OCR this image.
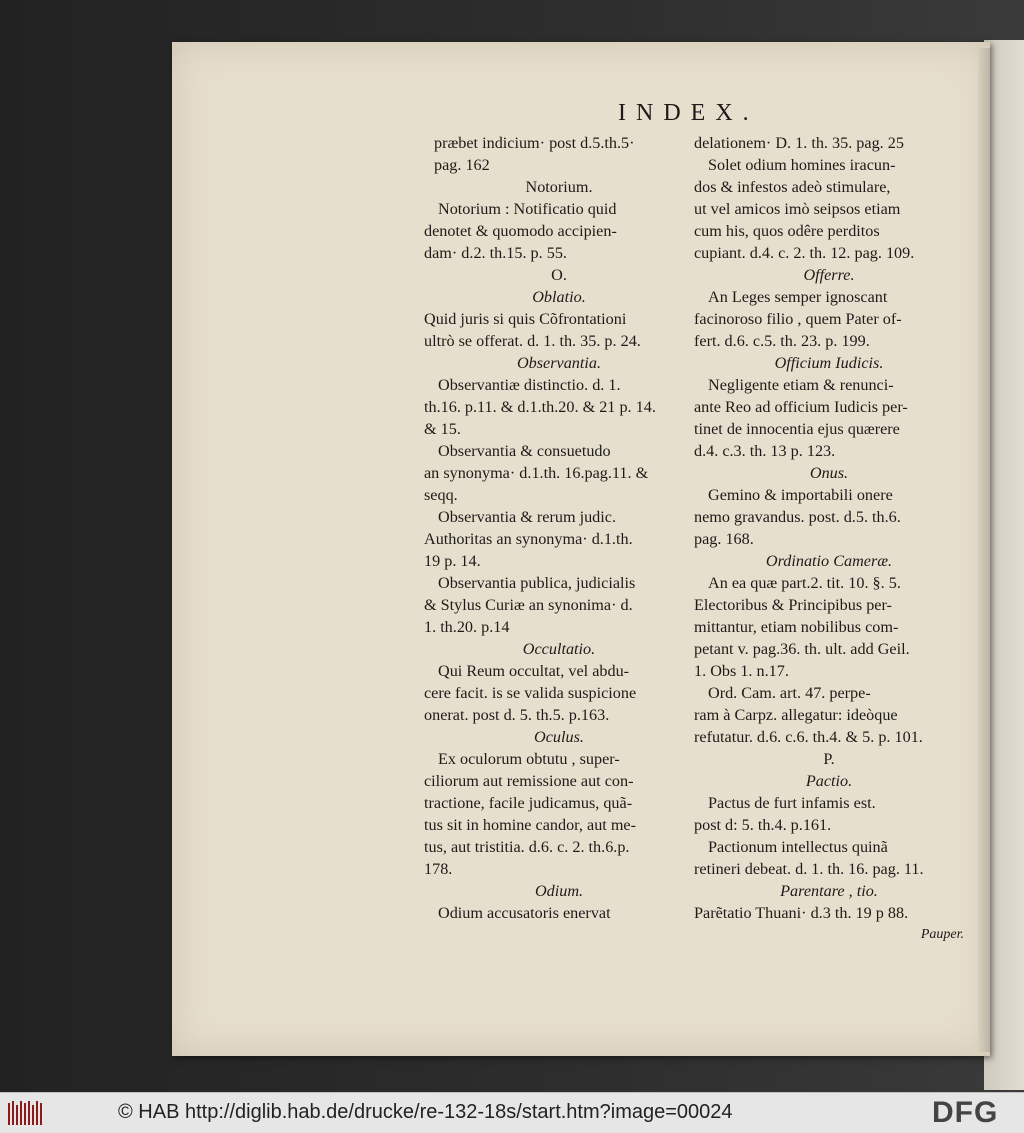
INDEX.
præbet indicium· post d.5.th.5·
pag. 162
Notorium.
Notorium : Notificatio quid
denotet & quomodo accipien-
dam· d.2. th.15. p. 55.
O.
Oblatio.
Quid juris si quis Cõfrontationi
ultrò se offerat. d. 1. th. 35. p. 24.
Observantia.
Observantiæ distinctio. d. 1.
th.16. p.11. & d.1.th.20. & 21 p. 14.
& 15.
Observantia & consuetudo
an synonyma· d.1.th. 16.pag.11. &
seqq.
Observantia & rerum judic.
Authoritas an synonyma· d.1.th.
19 p. 14.
Observantia publica, judicialis
& Stylus Curiæ an synonima· d.
1. th.20. p.14
Occultatio.
Qui Reum occultat, vel abdu-
cere facit. is se valida suspicione
onerat. post d. 5. th.5. p.163.
Oculus.
Ex oculorum obtutu , super-
ciliorum aut remissione aut con-
tractione, facile judicamus, quã-
tus sit in homine candor, aut me-
tus, aut tristitia. d.6. c. 2. th.6.p.
178.
Odium.
Odium accusatoris enervat
delationem· D. 1. th. 35. pag. 25
Solet odium homines iracun-
dos & infestos adeò stimulare,
ut vel amicos imò seipsos etiam
cum his, quos odêre perditos
cupiant. d.4. c. 2. th. 12. pag. 109.
Offerre.
An Leges semper ignoscant
facinoroso filio , quem Pater of-
fert. d.6. c.5. th. 23. p. 199.
Officium Iudicis.
Negligente etiam & renunci-
ante Reo ad officium Iudicis per-
tinet de innocentia ejus quærere
d.4. c.3. th. 13 p. 123.
Onus.
Gemino & importabili onere
nemo gravandus. post. d.5. th.6.
pag. 168.
Ordinatio Cameræ.
An ea quæ part.2. tit. 10. §. 5.
Electoribus & Principibus per-
mittantur, etiam nobilibus com-
petant v. pag.36. th. ult. add Geil.
1. Obs 1. n.17.
Ord. Cam. art. 47. perpe-
ram à Carpz. allegatur: ideòque
refutatur. d.6. c.6. th.4. & 5. p. 101.
P.
Pactio.
Pactus de furt infamis est.
post d: 5. th.4. p.161.
Pactionum intellectus quinã
retineri debeat. d. 1. th. 16. pag. 11.
Parentare , tio.
Parẽtatio Thuani· d.3 th. 19 p 88.
Pauper.
© HAB http://diglib.hab.de/drucke/re-132-18s/start.htm?image=00024	DFG
